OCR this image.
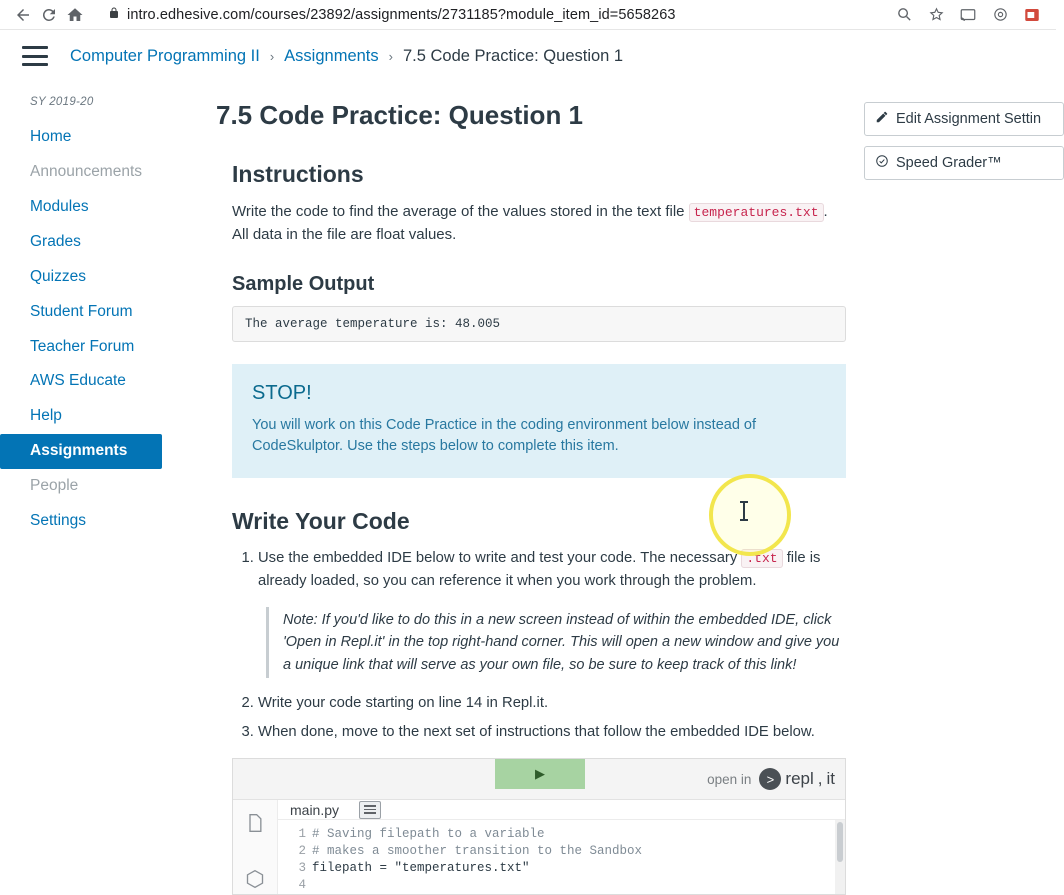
intro.edhesive.com/courses/23892/assignments/2731185?module_item_id=5658263
Computer Programming II › Assignments › 7.5 Code Practice: Question 1
SY 2019-20
Home
Announcements
Modules
Grades
Quizzes
Student Forum
Teacher Forum
AWS Educate
Help
Assignments
People
Settings
7.5 Code Practice: Question 1
Instructions

Write the code to find the average of the values stored in the text file temperatures.txt . All data in the file are float values.

Sample Output
The average temperature is: 48.005

STOP!

You will work on this Code Practice in the coding environment below instead of CodeSkulptor. Use the steps below to complete this item.

Write Your Code
1. Use the embedded IDE below to write and test your code. The necessary .txt file is already loaded, so you can reference it when you work through the problem.
Note: If you'd like to do this in a new screen instead of within the embedded IDE, click 'Open in Repl.it' in the top right-hand corner. This will open a new window and give you a unique link that will serve as your own file, so be sure to keep track of this link!
2. Write your code starting on line 14 in Repl.it.
3. When done, move to the next set of instructions that follow the embedded IDE below.
▶	open in	> repl , it
main.py
1
2
3
4
# Saving filepath to a variable
# makes a smoother transition to the Sandbox
filepath = "temperatures.txt"
Edit Assignment Settin
Speed Grader™
